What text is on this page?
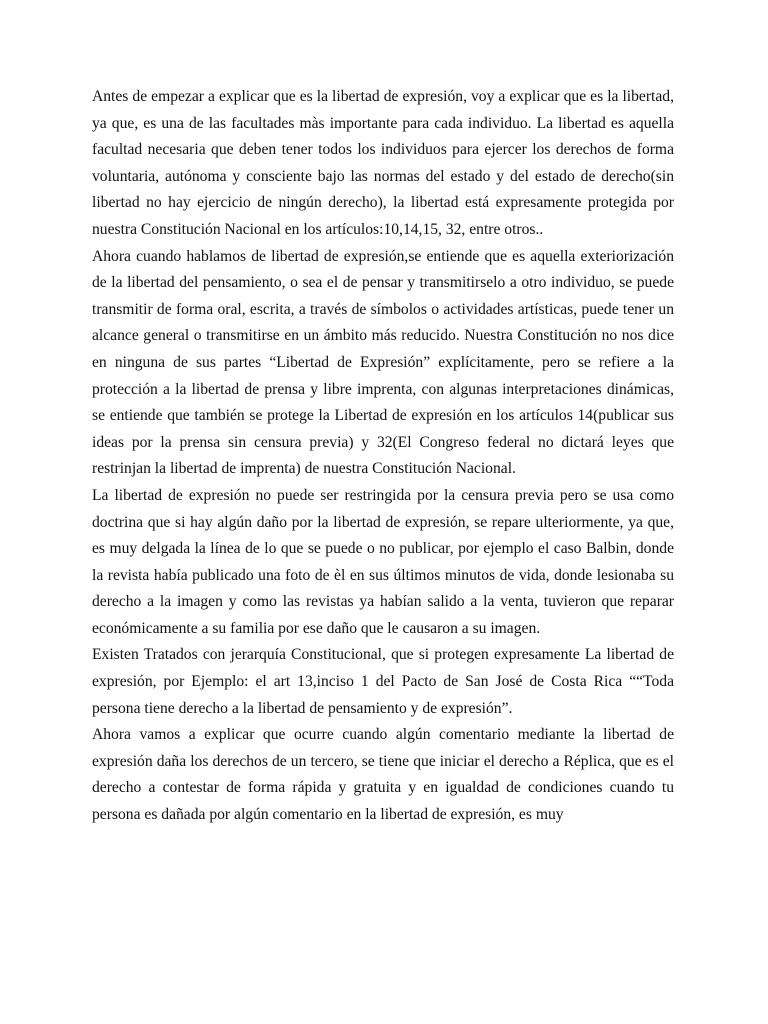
Antes de empezar a explicar que es la libertad de expresión, voy a explicar que es la libertad, ya que, es una de las facultades màs importante para cada individuo. La libertad es aquella facultad necesaria que deben tener todos los individuos para ejercer los derechos de forma voluntaria, autónoma y consciente bajo las normas del estado y del estado de derecho(sin libertad no hay ejercicio de ningún derecho), la libertad está expresamente protegida por nuestra Constitución Nacional en los artículos:10,14,15, 32, entre otros..

Ahora cuando hablamos de libertad de expresión,se entiende que es aquella exteriorización de la libertad del pensamiento, o sea el de pensar y transmitirselo a otro individuo, se puede transmitir de forma oral, escrita, a través de símbolos o actividades artísticas, puede tener un alcance general o transmitirse en un ámbito más reducido. Nuestra Constitución no nos dice en ninguna de sus partes “Libertad de Expresión” explícitamente, pero se refiere a la protección a la libertad de prensa y libre imprenta, con algunas interpretaciones dinámicas, se entiende que también se protege la Libertad de expresión en los artículos 14(publicar sus ideas por la prensa sin censura previa) y 32(El Congreso federal no dictará leyes que restrinjan la libertad de imprenta) de nuestra Constitución Nacional.

La libertad de expresión no puede ser restringida por la censura previa pero se usa como doctrina que si hay algún daño por la libertad de expresión, se repare ulteriormente, ya que, es muy delgada la línea de lo que se puede o no publicar, por ejemplo el caso Balbin, donde la revista había publicado una foto de èl en sus últimos minutos de vida, donde lesionaba su derecho a la imagen y como las revistas ya habían salido a la venta, tuvieron que reparar económicamente a su familia por ese daño que le causaron a su imagen.

Existen Tratados con jerarquía Constitucional, que si protegen expresamente La libertad de expresión, por Ejemplo: el art 13,inciso 1 del Pacto de San José de Costa Rica ““Toda persona tiene derecho a la libertad de pensamiento y de expresión”.

Ahora vamos a explicar que ocurre cuando algún comentario mediante la libertad de expresión daña los derechos de un tercero, se tiene que iniciar el derecho a Réplica, que es el derecho a contestar de forma rápida y gratuita y en igualdad de condiciones cuando tu persona es dañada por algún comentario en la libertad de expresión, es muy
